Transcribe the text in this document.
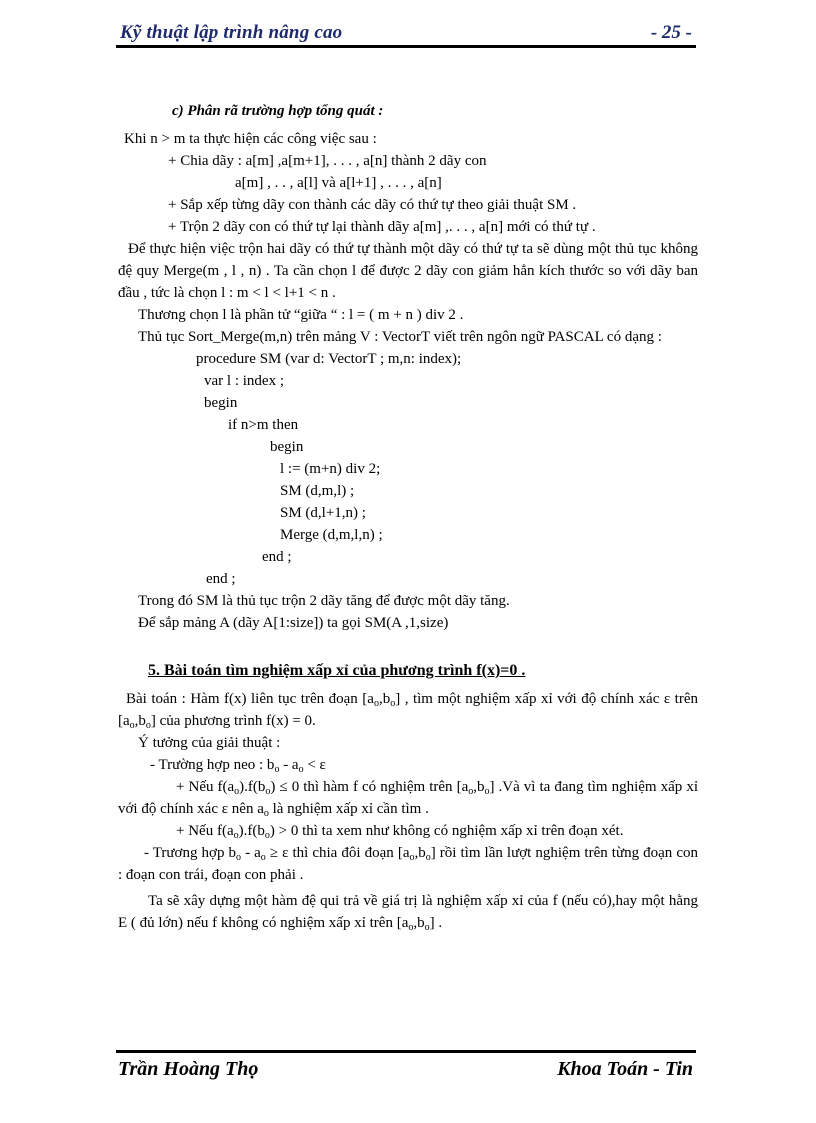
Kỹ thuật lập trình nâng cao	- 25 -

c) Phân rã trường hợp tổng quát :

Khi n > m ta thực hiện các công việc sau :

+ Chia dãy : a[m] ,a[m+1], . . . , a[n] thành 2 dãy con

a[m] , . . , a[l] và a[l+1] , . . . , a[n]

+ Sắp xếp từng dãy con thành các dãy có thứ tự theo giải thuật SM .

+ Trộn 2 dãy con có thứ tự lại thành dãy a[m] ,. . . , a[n] mới có thứ tự .

Để thực hiện việc trộn hai dãy có thứ tự thành một dãy có thứ tự ta sẽ dùng một thủ tục không đệ quy Merge(m , l , n) . Ta cần chọn l để được 2 dãy con giảm hẳn kích thước so với dãy ban đầu , tức là chọn l : m < l < l+1 < n .

Thương chọn l là phần tử “giữa “ : l = ( m + n ) div 2 .

Thủ tục Sort_Merge(m,n) trên mảng V : VectorT viết trên ngôn ngữ PASCAL có dạng :

procedure SM (var d: VectorT ; m,n: index);

var l : index ;

begin

if n>m then

begin

l := (m+n) div 2;

SM (d,m,l) ;

SM (d,l+1,n) ;

Merge (d,m,l,n) ;

end ;

end ;

Trong đó SM là thủ tục trộn 2 dãy tăng để được một dãy tăng.

Để sắp mảng A (dãy A[1:size]) ta gọi SM(A ,1,size)

5. Bài toán tìm nghiệm xấp xỉ của phương trình f(x)=0 .

Bài toán : Hàm f(x) liên tục trên đoạn $[a_o,b_o]$ , tìm một nghiệm xấp xỉ với độ chính xác ε trên $[a_o,b_o]$ của phương trình f(x) = 0.

Ý tưởng của giải thuật :

- Trường hợp neo : $b_o - a_o < \varepsilon$

+ Nếu $f(a_o).f(b_o) \le 0$ thì hàm f có nghiệm trên $[a_o,b_o]$ .Và vì ta đang tìm nghiệm xấp xỉ với độ chính xác ε nên $a_o$ là nghiệm xấp xỉ cần tìm .

+ Nếu $f(a_o).f(b_o) > 0$ thì ta xem như không có nghiệm xấp xỉ trên đoạn xét.

- Trương hợp $b_o - a_o \ge \varepsilon$ thì chia đôi đoạn $[a_o,b_o]$ rồi tìm lần lượt nghiệm trên từng đoạn con : đoạn con trái, đoạn con phải .

Ta sẽ xây dựng một hàm đệ qui trả về giá trị là nghiệm xấp xỉ của f (nếu có),hay một hằng E ( đủ lớn) nếu f không có nghiệm xấp xỉ trên $[a_o,b_o]$ .

Trần Hoàng Thọ	Khoa Toán - Tin
